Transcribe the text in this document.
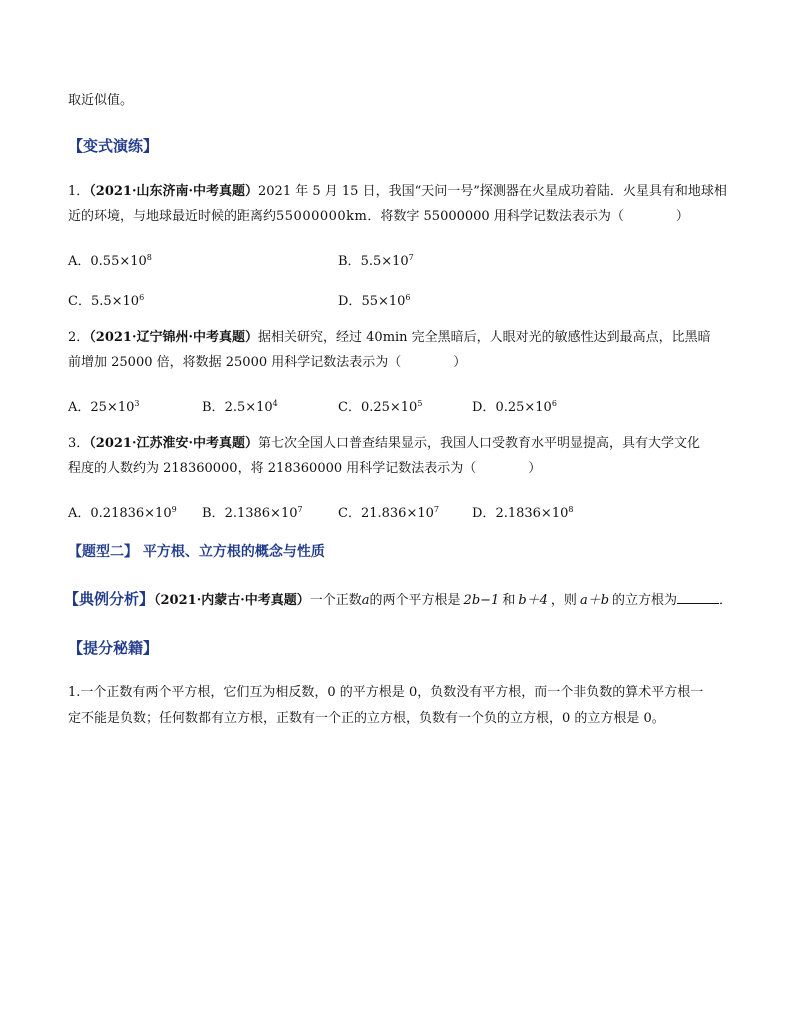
取近似值。
【变式演练】
1．（2021·山东济南·中考真题）2021 年 5 月 15 日，我国“天问一号”探测器在火星成功着陆．火星具有和地球相
近的环境，与地球最近时候的距离约55000000km．将数字 55000000 用科学记数法表示为（	）
A．$0.55\times 10^8$	B．$5.5\times 10^7$
C．$5.5\times 10^6$	D．$55\times 10^6$
2．（2021·辽宁锦州·中考真题）据相关研究，经过 40min 完全黑暗后，人眼对光的敏感性达到最高点，比黑暗
前增加 25000 倍，将数据 25000 用科学记数法表示为（	）
A．$25\times 10^3$	B．$2.5\times 10^4$	C．$0.25\times 10^5$	D．$0.25\times 10^6$
3．（2021·江苏淮安·中考真题）第七次全国人口普查结果显示，我国人口受教育水平明显提高，具有大学文化
程度的人数约为 218360000，将 218360000 用科学记数法表示为（	）
A．$0.21836\times 10^9$ B．$2.1386\times 10^7$	C．$21.836\times 10^7$	D．$2.1836\times 10^8$
【题型二】 平方根、立方根的概念与性质
【典例分析】（2021·内蒙古·中考真题）一个正数a的两个平方根是 2b−1 和 b＋4 ，则 a＋b 的立方根为	．
【提分秘籍】
1.一个正数有两个平方根，它们互为相反数，0 的平方根是 0，负数没有平方根，而一个非负数的算术平方根一
定不能是负数；任何数都有立方根，正数有一个正的立方根，负数有一个负的立方根，0 的立方根是 0。
